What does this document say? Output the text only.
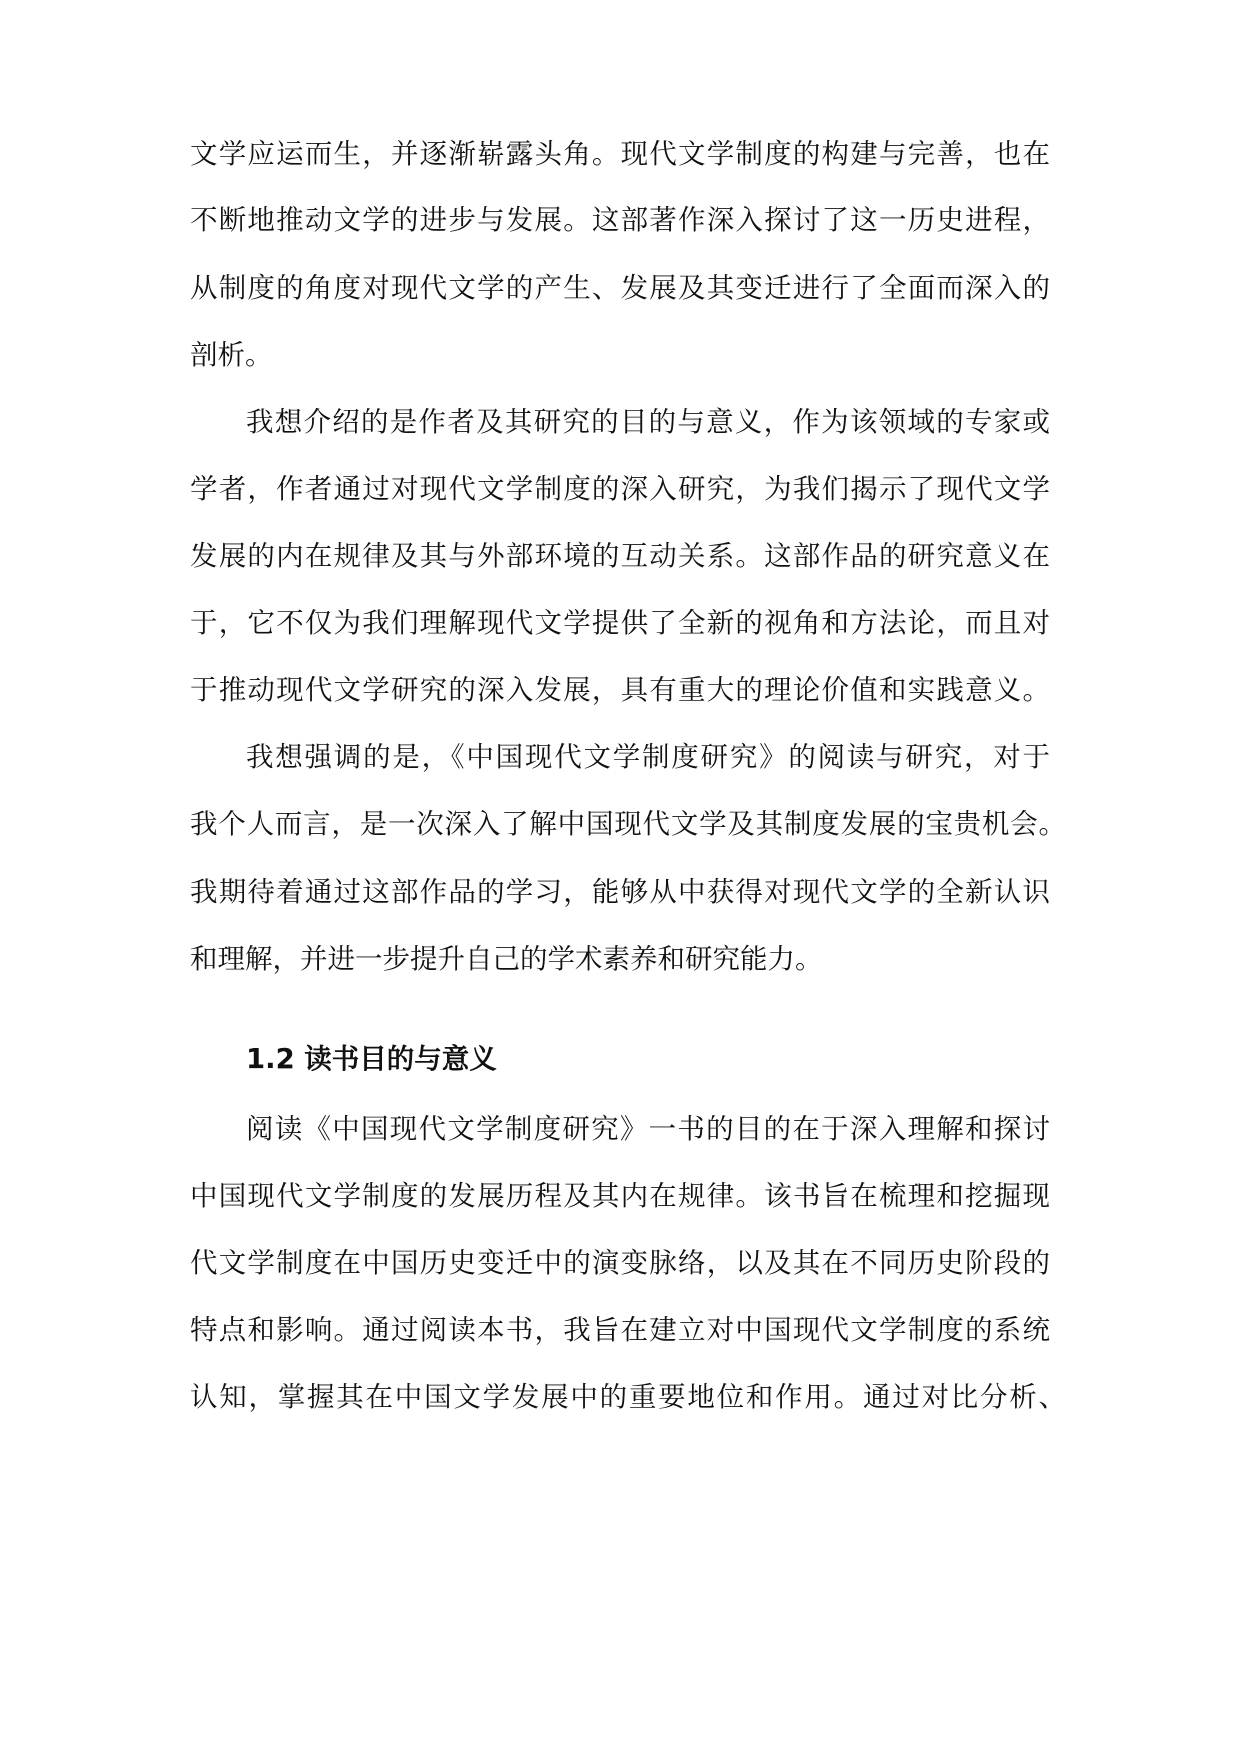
文学应运而生，并逐渐崭露头角。现代文学制度的构建与完善，也在
不断地推动文学的进步与发展。这部著作深入探讨了这一历史进程，
从制度的角度对现代文学的产生、发展及其变迁进行了全面而深入的
剖析。
我想介绍的是作者及其研究的目的与意义，作为该领域的专家或
学者，作者通过对现代文学制度的深入研究，为我们揭示了现代文学
发展的内在规律及其与外部环境的互动关系。这部作品的研究意义在
于，它不仅为我们理解现代文学提供了全新的视角和方法论，而且对
于推动现代文学研究的深入发展，具有重大的理论价值和实践意义。
我想强调的是，《中国现代文学制度研究》的阅读与研究，对于
我个人而言，是一次深入了解中国现代文学及其制度发展的宝贵机会。
我期待着通过这部作品的学习，能够从中获得对现代文学的全新认识
和理解，并进一步提升自己的学术素养和研究能力。
1.2 读书目的与意义
阅读《中国现代文学制度研究》一书的目的在于深入理解和探讨
中国现代文学制度的发展历程及其内在规律。该书旨在梳理和挖掘现
代文学制度在中国历史变迁中的演变脉络，以及其在不同历史阶段的
特点和影响。通过阅读本书，我旨在建立对中国现代文学制度的系统
认知，掌握其在中国文学发展中的重要地位和作用。通过对比分析、
